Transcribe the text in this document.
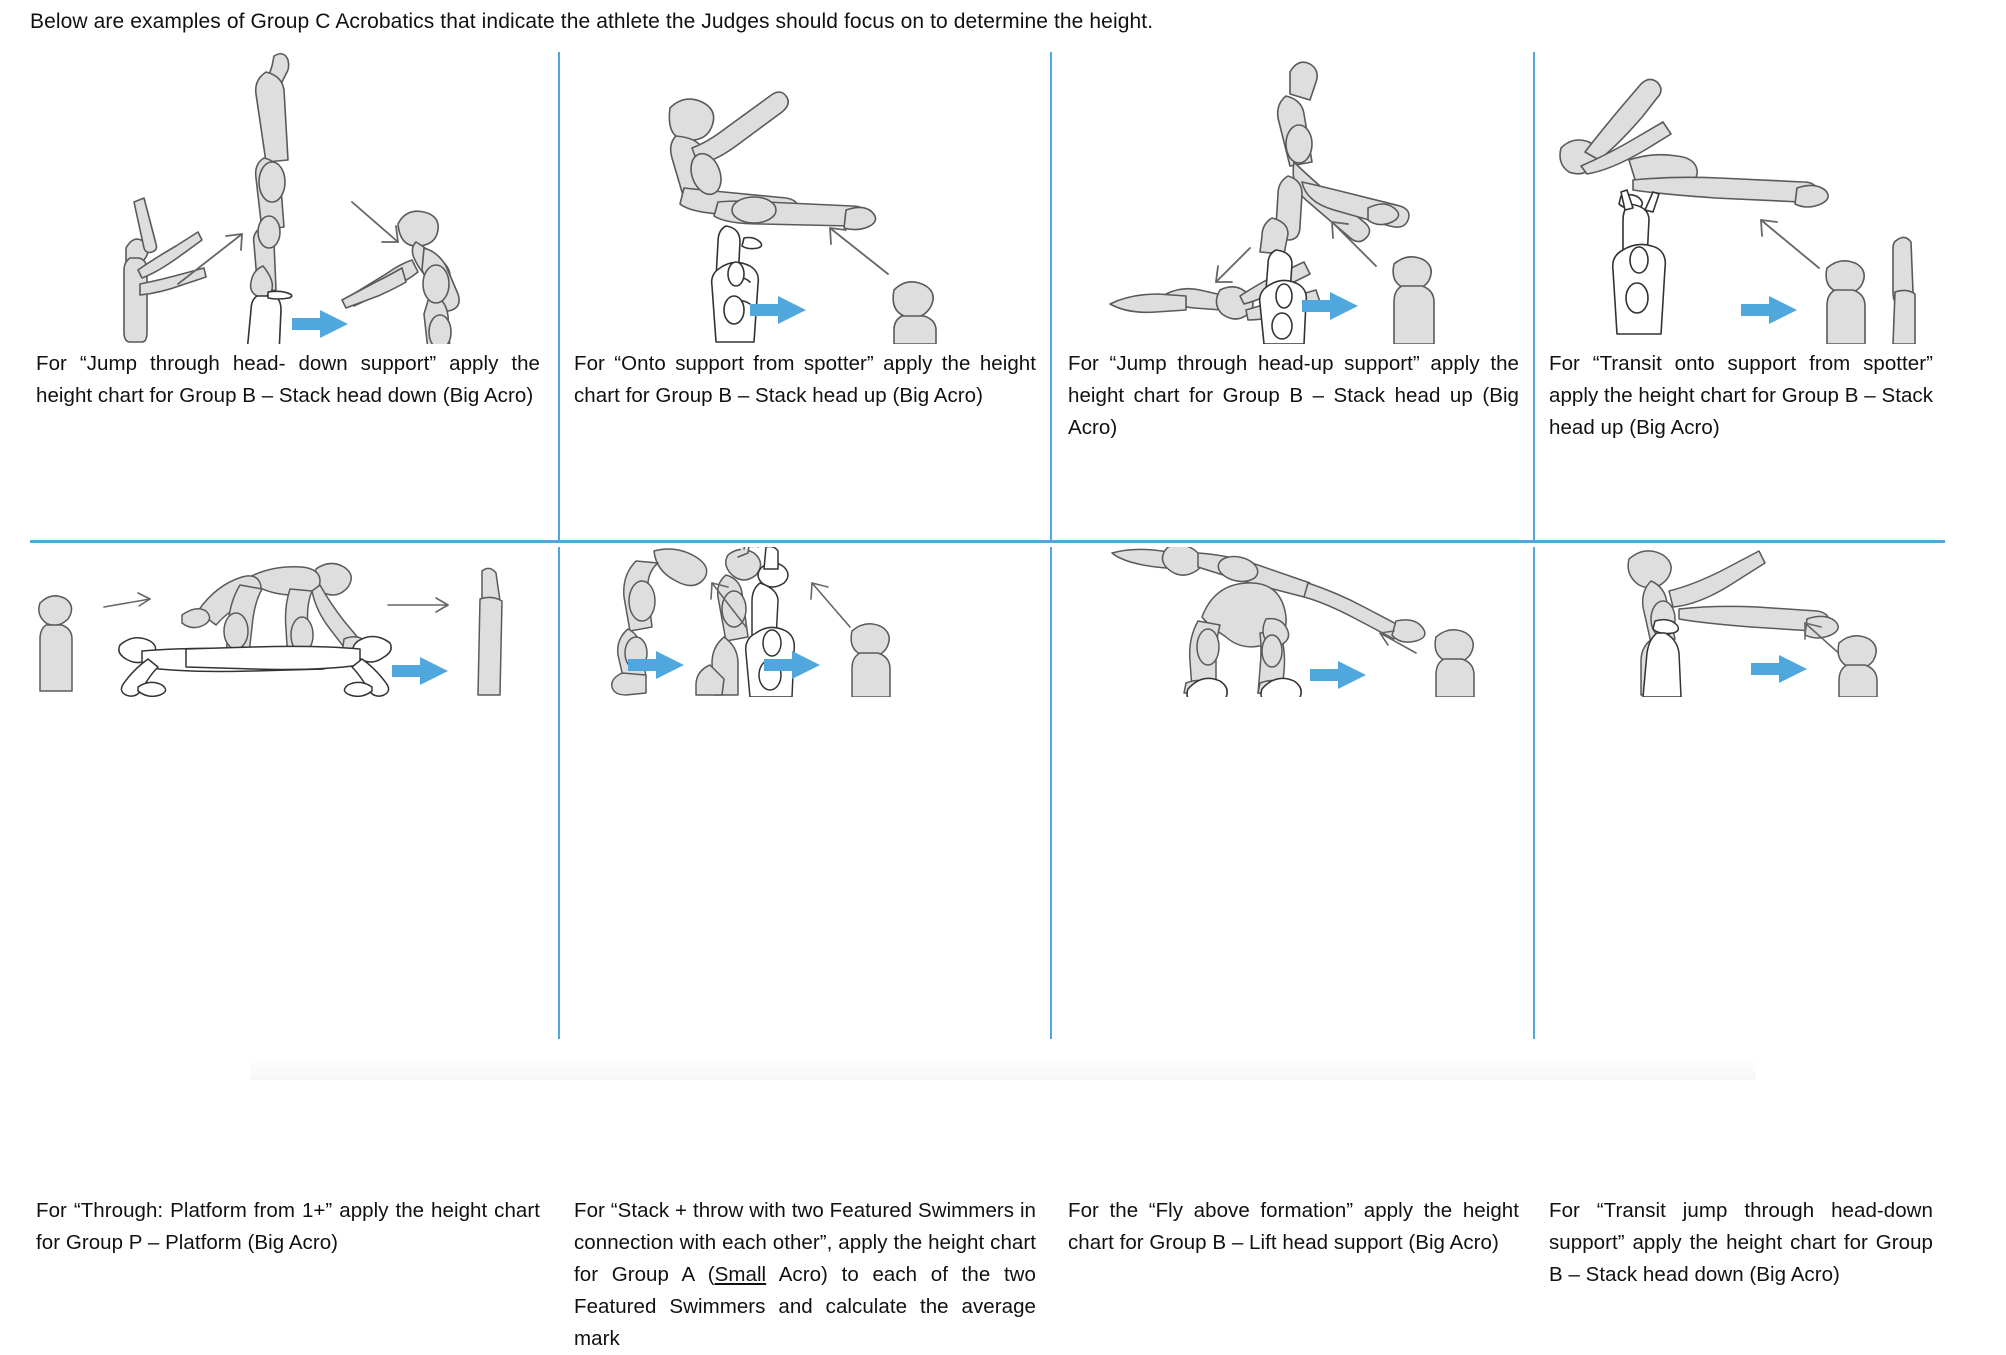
Below are examples of Group C Acrobatics that indicate the athlete the Judges should focus on to determine the height.
For “Jump through head- down support” apply the height chart for Group B – Stack head down (Big Acro)
For “Onto support from spotter” apply the height chart for Group B – Stack head up (Big Acro)
For “Jump through head-up support” apply the height chart for Group B – Stack head up (Big Acro)
For “Transit onto support from spotter” apply the height chart for Group B – Stack head up (Big Acro)
For “Through: Platform from 1+” apply the height chart for Group P – Platform (Big Acro)
For “Stack + throw with two Featured Swimmers in connection with each other”, apply the height chart for Group A (Small Acro) to each of the two Featured Swimmers and calculate the average mark
For the “Fly above formation” apply the height chart for Group B – Lift head support (Big Acro)
For “Transit jump through head-down support” apply the height chart for Group B – Stack head down (Big Acro)
